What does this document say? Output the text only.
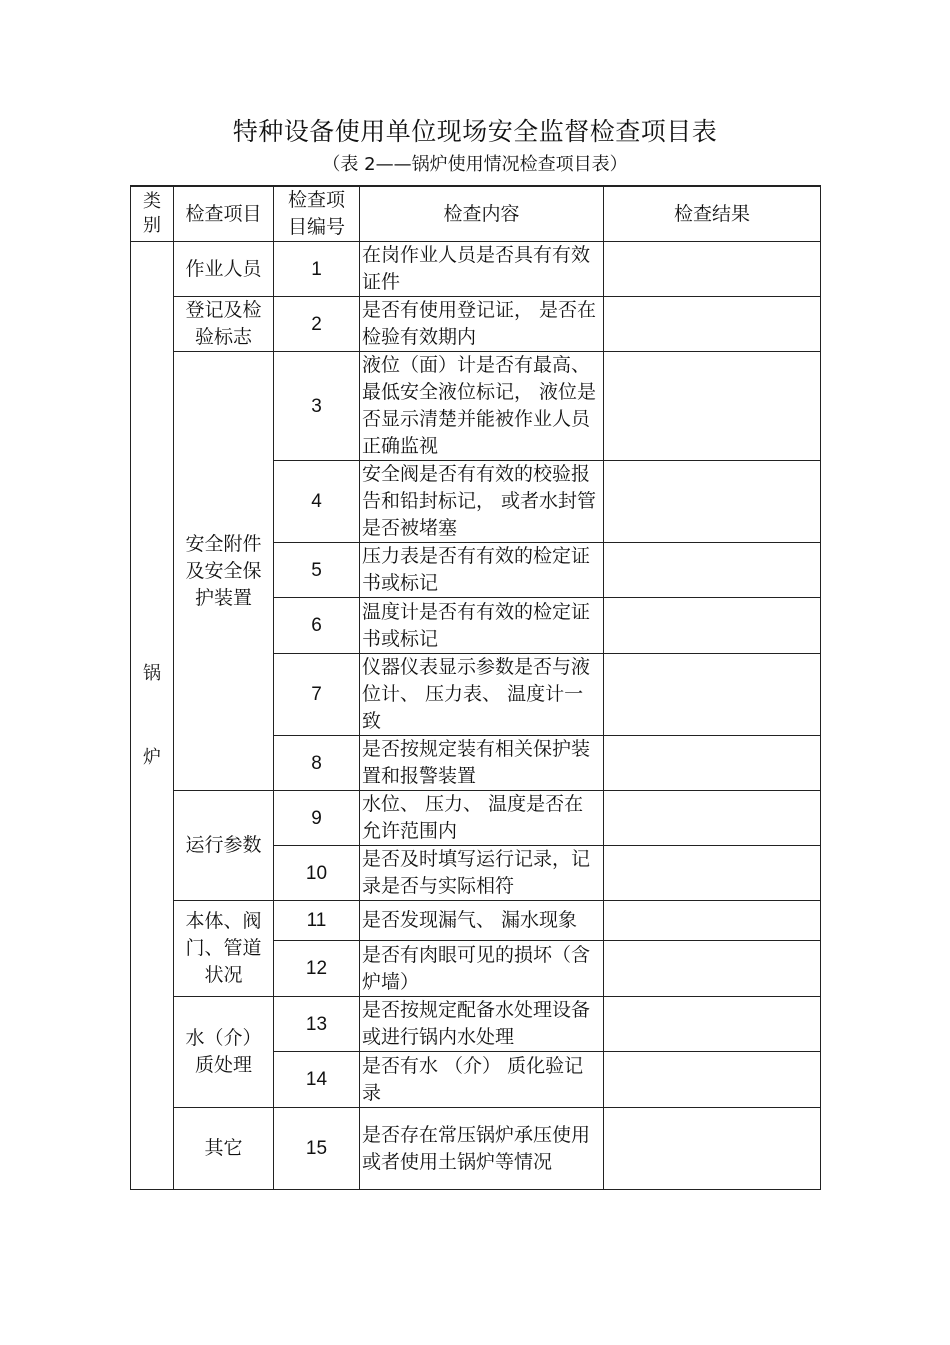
特种设备使用单位现场安全监督检查项目表
（表 2——锅炉使用情况检查项目表）
类别	检查项目	检查项目编号	检查内容	检查结果

锅炉	作业人员	1	在岗作业人员是否具有有效证件	
	登记及检验标志	2	是否有使用登记证， 是否在检验有效期内	
	安全附件及安全保护装置	3	液位（面）计是否有最高、最低安全液位标记， 液位是否显示清楚并能被作业人员正确监视	
		4	安全阀是否有有效的校验报告和铅封标记， 或者水封管是否被堵塞	
		5	压力表是否有有效的检定证书或标记	
		6	温度计是否有有效的检定证书或标记	
		7	仪器仪表显示参数是否与液位计、 压力表、 温度计一致	
		8	是否按规定装有相关保护装置和报警装置	
	运行参数	9	水位、 压力、 温度是否在允许范围内	
		10	是否及时填写运行记录，记录是否与实际相符	
	本体、阀门、管道状况	11	是否发现漏气、 漏水现象	
		12	是否有肉眼可见的损坏（含炉墙）	
	水（介）质处理	13	是否按规定配备水处理设备或进行锅内水处理	
		14	是否有水 （介） 质化验记录	
	其它	15	是否存在常压锅炉承压使用或者使用土锅炉等情况	
